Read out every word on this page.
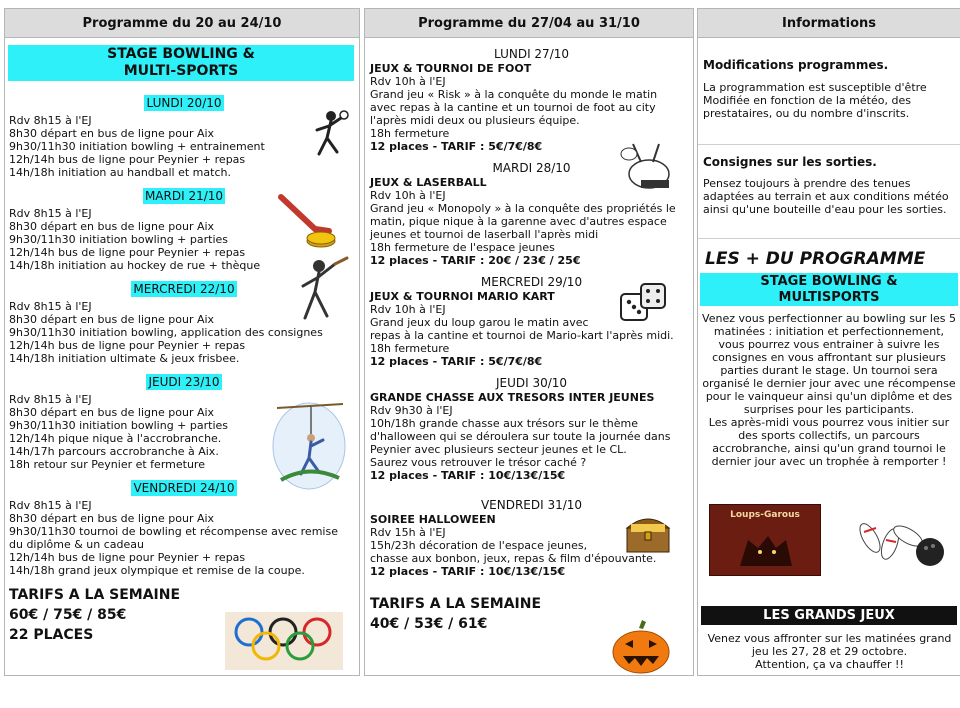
Programme du 20 au 24/10
STAGE BOWLING &
MULTI-SPORTS
LUNDI 20/10
Rdv 8h15 à l'EJ
8h30 départ en bus de ligne pour Aix
9h30/11h30 initiation bowling + entrainement
12h/14h bus de ligne pour Peynier + repas
14h/18h initiation au handball et match.
MARDI 21/10
Rdv 8h15 à l'EJ
8h30 départ en bus de ligne pour Aix
9h30/11h30 initiation bowling + parties
12h/14h bus de ligne pour Peynier + repas
14h/18h initiation au hockey de rue + thèque
MERCREDI 22/10
Rdv 8h15 à l'EJ
8h30 départ en bus de ligne pour Aix
9h30/11h30 initiation bowling, application des consignes
12h/14h bus de ligne pour Peynier + repas
14h/18h initiation ultimate & jeux frisbee.
JEUDI 23/10
Rdv 8h15 à l'EJ
8h30 départ en bus de ligne pour Aix
9h30/11h30 initiation bowling + parties
12h/14h pique nique à l'accrobranche.
14h/17h parcours accrobranche à Aix.
18h retour sur Peynier et fermeture
VENDREDI 24/10
Rdv 8h15 à l'EJ
8h30 départ en bus de ligne pour Aix
9h30/11h30 tournoi de bowling et récompense avec remise
du diplôme & un cadeau
12h/14h bus de ligne pour Peynier + repas
14h/18h grand jeux olympique et remise de la coupe.
TARIFS A LA SEMAINE
60€ / 75€ / 85€
22 PLACES
Programme du 27/04 au 31/10
LUNDI 27/10
JEUX & TOURNOI DE FOOT
Rdv 10h à l'EJ
Grand jeu « Risk » à la conquête du monde le matin
avec repas à la cantine et un tournoi de foot au city
l'après midi deux ou plusieurs équipe.
18h fermeture
12 places - TARIF : 5€/7€/8€
MARDI 28/10
JEUX & LASERBALL
Rdv 10h à l'EJ
Grand jeu « Monopoly » à la conquête des propriétés le
matin, pique nique à la garenne avec d'autres espace
jeunes et tournoi de laserball l'après midi
18h fermeture de l'espace jeunes
12 places - TARIF : 20€ / 23€ / 25€
MERCREDI 29/10
JEUX & TOURNOI MARIO KART
Rdv 10h à l'EJ
Grand jeux du loup garou le matin avec
repas à la cantine et tournoi de Mario-kart l'après midi.
18h fermeture
12 places - TARIF : 5€/7€/8€
JEUDI 30/10
GRANDE CHASSE AUX TRESORS INTER JEUNES
Rdv 9h30 à l'EJ
10h/18h grande chasse aux trésors sur le thème
d'halloween qui se déroulera sur toute la journée dans
Peynier avec plusieurs secteur jeunes et le CL.
Saurez vous retrouver le trésor caché ?
12 places - TARIF : 10€/13€/15€
VENDREDI 31/10
SOIREE HALLOWEEN
Rdv 15h à l'EJ
15h/23h décoration de l'espace jeunes,
chasse aux bonbon, jeux, repas & film d'épouvante.
12 places - TARIF : 10€/13€/15€
TARIFS A LA SEMAINE
40€ / 53€ / 61€
Informations
Modifications programmes.
La programmation est susceptible d'être
Modifiée en fonction de la météo, des
prestataires, ou du nombre d'inscrits.
Consignes sur les sorties.
Pensez toujours à prendre des tenues
adaptées au terrain et aux conditions météo
ainsi qu'une bouteille d'eau pour les sorties.
LES + DU PROGRAMME
STAGE BOWLING &
MULTISPORTS
Venez vous perfectionner au bowling sur les 5
matinées : initiation et perfectionnement,
vous pourrez vous entrainer à suivre les
consignes en vous affrontant sur plusieurs
parties durant le stage. Un tournoi sera
organisé le dernier jour avec une récompense
pour le vainqueur ainsi qu'un diplôme et des
surprises pour les participants.
Les après-midi vous pourrez vous initier sur
des sports collectifs, un parcours
accrobranche, ainsi qu'un grand tournoi le
dernier jour avec un trophée à remporter !
Loups-Garous
LES GRANDS JEUX
Venez vous affronter sur les matinées grand
jeu les 27, 28 et 29 octobre.
Attention, ça va chauffer !!
